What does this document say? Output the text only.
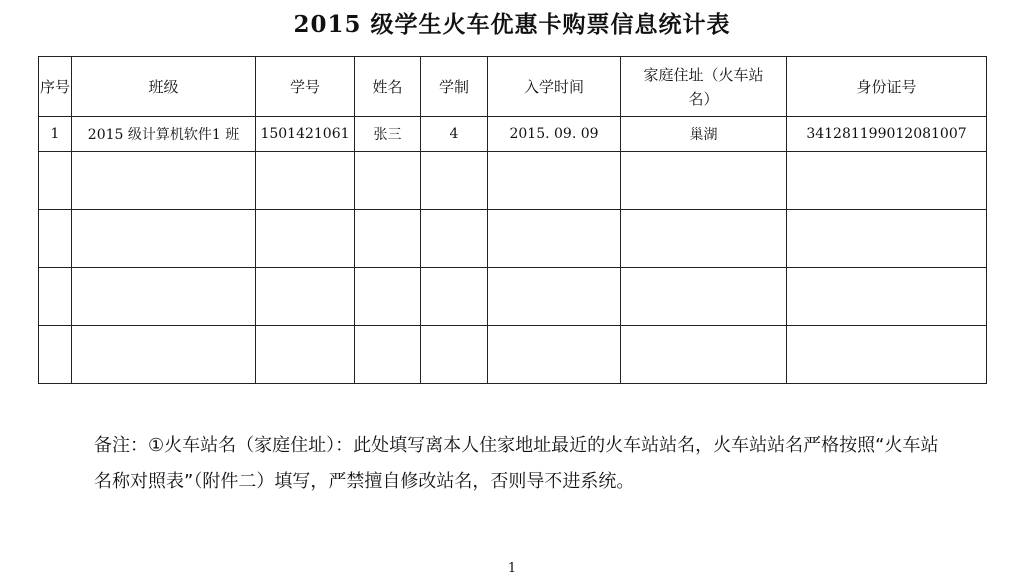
2015 级学生火车优惠卡购票信息统计表
序号	班级	学号	姓名	学制	入学时间	家庭住址（火车站名）	身份证号
1	2015 级计算机软件1 班	1501421061	张三	4	2015. 09. 09	巢湖	341281199012081007

备注：①火车站名（家庭住址）：此处填写离本人住家地址最近的火车站站名，火车站站名严格按照“火车站名称对照表”（附件二）填写，严禁擅自修改站名，否则导不进系统。
1
